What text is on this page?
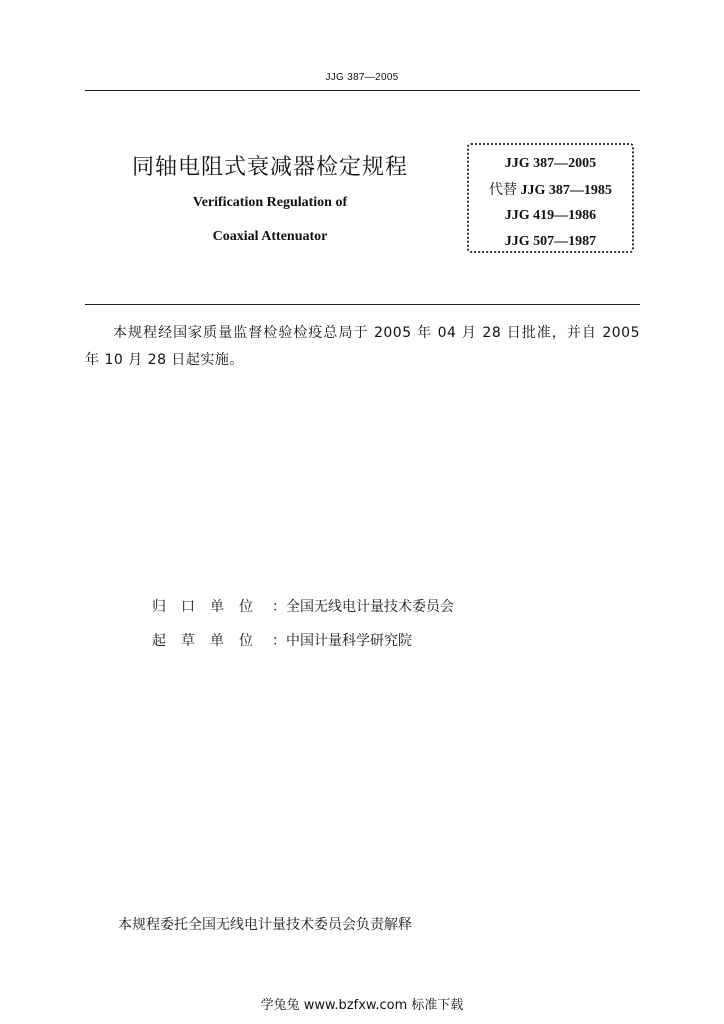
JJG 387—2005
同轴电阻式衰减器检定规程
Verification Regulation of
Coaxial Attenuator
JJG 387—2005
代替 JJG 387—1985
JJG 419—1986
JJG 507—1987
本规程经国家质量监督检验检疫总局于 2005 年 04 月 28 日批准，并自 2005 年 10 月 28 日起实施。
归 口 单 位 ：全国无线电计量技术委员会
起 草 单 位 ：中国计量科学研究院
本规程委托全国无线电计量技术委员会负责解释
学兔兔 www.bzfxw.com 标准下载
